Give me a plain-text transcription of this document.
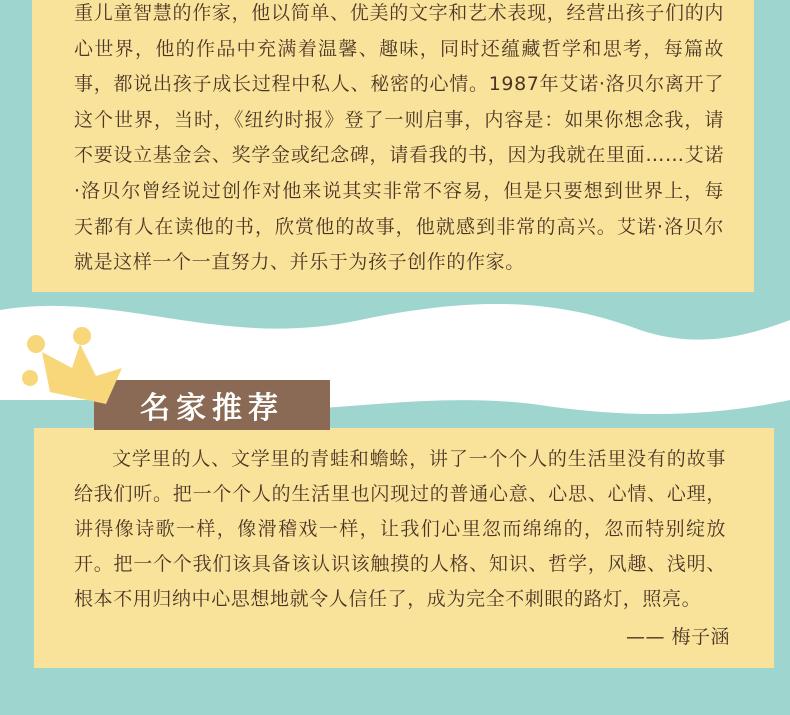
重儿童智慧的作家，他以简单、优美的文字和艺术表现，经营出孩子们的内心世界，他的作品中充满着温馨、趣味，同时还蕴藏哲学和思考，每篇故事，都说出孩子成长过程中私人、秘密的心情。1987年艾诺·洛贝尔离开了这个世界，当时，《纽约时报》登了一则启事，内容是：如果你想念我，请不要设立基金会、奖学金或纪念碑，请看我的书，因为我就在里面……艾诺·洛贝尔曾经说过创作对他来说其实非常不容易，但是只要想到世界上，每天都有人在读他的书，欣赏他的故事，他就感到非常的高兴。艾诺·洛贝尔就是这样一个一直努力、并乐于为孩子创作的作家。

文学里的人、文学里的青蛙和蟾蜍，讲了一个个人的生活里没有的故事给我们听。把一个个人的生活里也闪现过的普通心意、心思、心情、心理，讲得像诗歌一样，像滑稽戏一样，让我们心里忽而绵绵的，忽而特别绽放开。把一个个我们该具备该认识该触摸的人格、知识、哲学，风趣、浅明、根本不用归纳中心思想地就令人信任了，成为完全不刺眼的路灯，照亮。

—— 梅子涵
名家推荐
